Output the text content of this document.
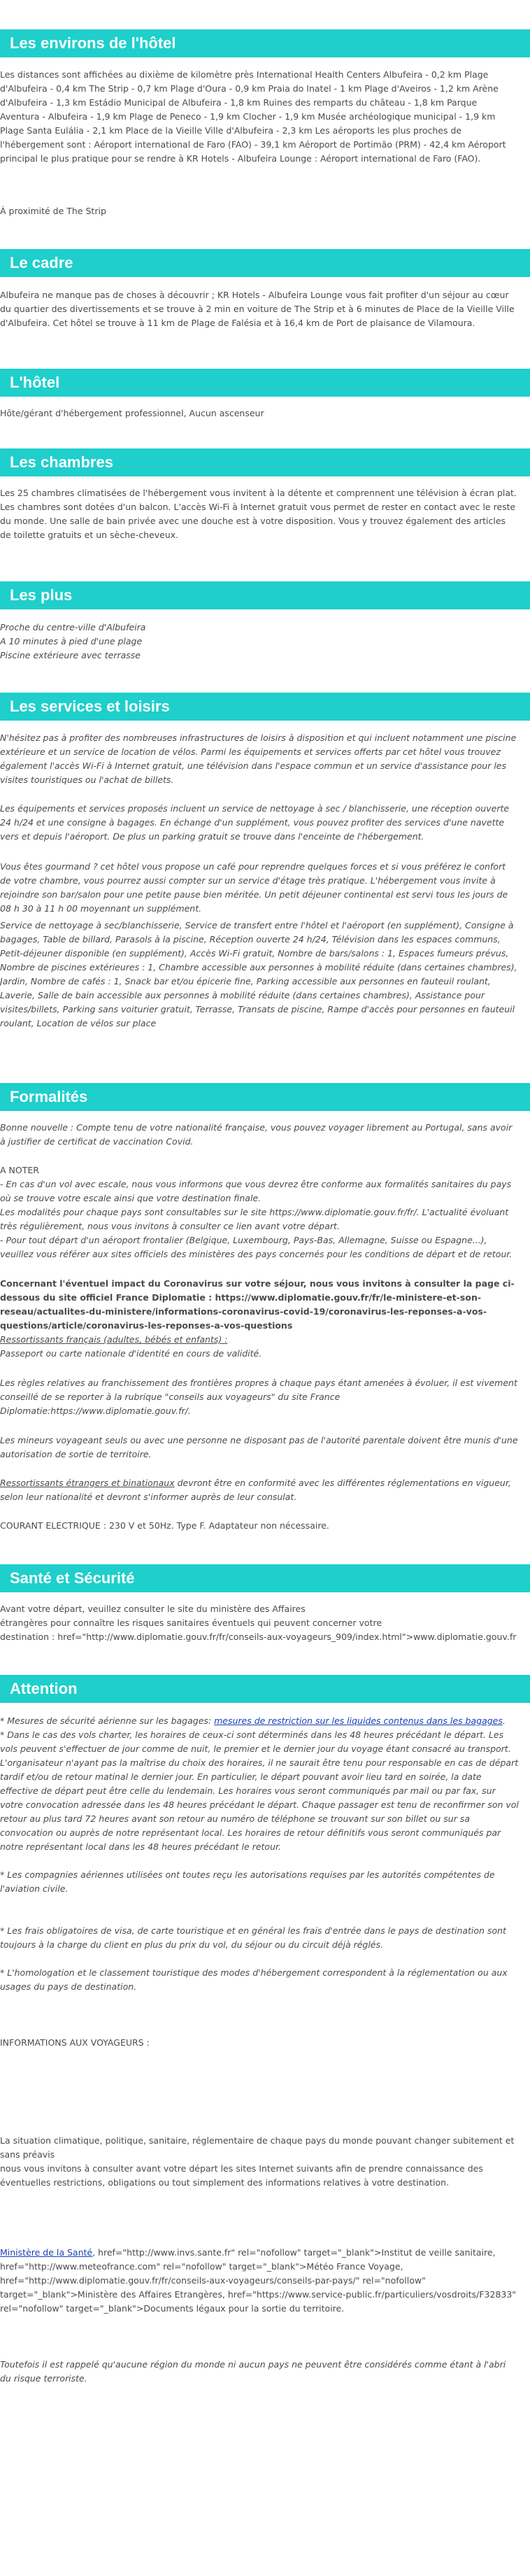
Les environs de l'hôtel

Les distances sont affichées au dixième de kilomètre près International Health Centers Albufeira - 0,2 km Plage d'Albufeira - 0,4 km The Strip - 0,7 km Plage d'Oura - 0,9 km Praia do Inatel - 1 km Plage d'Aveiros - 1,2 km Arène d'Albufeira - 1,3 km Estádio Municipal de Albufeira - 1,8 km Ruines des remparts du château - 1,8 km Parque Aventura - Albufeira - 1,9 km Plage de Peneco - 1,9 km Clocher - 1,9 km Musée archéologique municipal - 1,9 km Plage Santa Eulália - 2,1 km Place de la Vieille Ville d'Albufeira - 2,3 km Les aéroports les plus proches de l'hébergement sont : Aéroport international de Faro (FAO) - 39,1 km Aéroport de Portimão (PRM) - 42,4 km Aéroport principal le plus pratique pour se rendre à KR Hotels - Albufeira Lounge : Aéroport international de Faro (FAO).

À proximité de The Strip

Le cadre

Albufeira ne manque pas de choses à découvrir ; KR Hotels - Albufeira Lounge vous fait profiter d'un séjour au cœur du quartier des divertissements et se trouve à 2 min en voiture de The Strip et à 6 minutes de Place de la Vieille Ville d'Albufeira. Cet hôtel se trouve à 11 km de Plage de Falésia et à 16,4 km de Port de plaisance de Vilamoura.

L'hôtel

Hôte/gérant d'hébergement professionnel, Aucun ascenseur

Les chambres

Les 25 chambres climatisées de l'hébergement vous invitent à la détente et comprennent une télévision à écran plat. Les chambres sont dotées d'un balcon. L'accès Wi-Fi à Internet gratuit vous permet de rester en contact avec le reste du monde. Une salle de bain privée avec une douche est à votre disposition. Vous y trouvez également des articles de toilette gratuits et un sèche-cheveux.

Les plus

Proche du centre-ville d'Albufeira

A 10 minutes à pied d'une plage

Piscine extérieure avec terrasse

Les services et loisirs

N'hésitez pas à profiter des nombreuses infrastructures de loisirs à disposition et qui incluent notamment une piscine extérieure et un service de location de vélos. Parmi les équipements et services offerts par cet hôtel vous trouvez également l'accès Wi-Fi à Internet gratuit, une télévision dans l'espace commun et un service d'assistance pour les visites touristiques ou l'achat de billets.

Les équipements et services proposés incluent un service de nettoyage à sec / blanchisserie, une réception ouverte 24 h/24 et une consigne à bagages. En échange d'un supplément, vous pouvez profiter des services d'une navette vers et depuis l'aéroport. De plus un parking gratuit se trouve dans l'enceinte de l'hébergement.

Vous êtes gourmand ? cet hôtel vous propose un café pour reprendre quelques forces et si vous préférez le confort de votre chambre, vous pourrez aussi compter sur un service d'étage très pratique. L'hébergement vous invite à rejoindre son bar/salon pour une petite pause bien méritée. Un petit déjeuner continental est servi tous les jours de 08 h 30 à 11 h 00 moyennant un supplément.

Service de nettoyage à sec/blanchisserie, Service de transfert entre l'hôtel et l'aéroport (en supplément), Consigne à bagages, Table de billard, Parasols à la piscine, Réception ouverte 24 h/24, Télévision dans les espaces communs, Petit-déjeuner disponible (en supplément), Accès Wi-Fi gratuit, Nombre de bars/salons : 1, Espaces fumeurs prévus, Nombre de piscines extérieures : 1, Chambre accessible aux personnes à mobilité réduite (dans certaines chambres), Jardin, Nombre de cafés : 1, Snack bar et/ou épicerie fine, Parking accessible aux personnes en fauteuil roulant, Laverie, Salle de bain accessible aux personnes à mobilité réduite (dans certaines chambres), Assistance pour visites/billets, Parking sans voiturier gratuit, Terrasse, Transats de piscine, Rampe d'accès pour personnes en fauteuil roulant, Location de vélos sur place

Formalités

Bonne nouvelle : Compte tenu de votre nationalité française, vous pouvez voyager librement au Portugal, sans avoir à justifier de certificat de vaccination Covid.

A NOTER

- En cas d'un vol avec escale, nous vous informons que vous devrez être conforme aux formalités sanitaires du pays où se trouve votre escale ainsi que votre destination finale.

Les modalités pour chaque pays sont consultables sur le site https://www.diplomatie.gouv.fr/fr/. L'actualité évoluant très régulièrement, nous vous invitons à consulter ce lien avant votre départ.

- Pour tout départ d'un aéroport frontalier (Belgique, Luxembourg, Pays-Bas, Allemagne, Suisse ou Espagne...), veuillez vous référer aux sites officiels des ministères des pays concernés pour les conditions de départ et de retour.

Concernant l'éventuel impact du Coronavirus sur votre séjour, nous vous invitons à consulter la page ci-dessous du site officiel France Diplomatie : https://www.diplomatie.gouv.fr/fr/le-ministere-et-son-reseau/actualites-du-ministere/informations-coronavirus-covid-19/coronavirus-les-reponses-a-vos-questions/article/coronavirus-les-reponses-a-vos-questions

Ressortissants français (adultes, bébés et enfants) :

Passeport ou carte nationale d'identité en cours de validité.

Les règles relatives au franchissement des frontières propres à chaque pays étant amenées à évoluer, il est vivement conseillé de se reporter à la rubrique "conseils aux voyageurs" du site France Diplomatie:https://www.diplomatie.gouv.fr/.

Les mineurs voyageant seuls ou avec une personne ne disposant pas de l'autorité parentale doivent être munis d'une autorisation de sortie de territoire.

Ressortissants étrangers et binationaux devront être en conformité avec les différentes réglementations en vigueur, selon leur nationalité et devront s'informer auprès de leur consulat.

COURANT ELECTRIQUE : 230 V et 50Hz. Type F. Adaptateur non nécessaire.

Santé et Sécurité

Avant votre départ, veuillez consulter le site du ministère des Affaires

étrangères pour connaître les risques sanitaires éventuels qui peuvent concerner votre

destination : href="http://www.diplomatie.gouv.fr/fr/conseils-aux-voyageurs_909/index.html">www.diplomatie.gouv.fr

Attention

* Mesures de sécurité aérienne sur les bagages: mesures de restriction sur les liquides contenus dans les bagages.

* Dans le cas des vols charter, les horaires de ceux-ci sont déterminés dans les 48 heures précédant le départ. Les vols peuvent s'effectuer de jour comme de nuit, le premier et le dernier jour du voyage étant consacré au transport. L'organisateur n'ayant pas la maîtrise du choix des horaires, il ne saurait être tenu pour responsable en cas de départ tardif et/ou de retour matinal le dernier jour. En particulier, le départ pouvant avoir lieu tard en soirée, la date effective de départ peut être celle du lendemain. Les horaires vous seront communiqués par mail ou par fax, sur votre convocation adressée dans les 48 heures précédant le départ. Chaque passager est tenu de reconfirmer son vol retour au plus tard 72 heures avant son retour au numéro de téléphone se trouvant sur son billet ou sur sa convocation ou auprès de notre représentant local. Les horaires de retour définitifs vous seront communiqués par notre représentant local dans les 48 heures précédant le retour.

* Les compagnies aériennes utilisées ont toutes reçu les autorisations requises par les autorités compétentes de l'aviation civile.

* Les frais obligatoires de visa, de carte touristique et en général les frais d'entrée dans le pays de destination sont toujours à la charge du client en plus du prix du vol, du séjour ou du circuit déjà réglés.

* L'homologation et le classement touristique des modes d'hébergement correspondent à la réglementation ou aux usages du pays de destination.

INFORMATIONS AUX VOYAGEURS :

La situation climatique, politique, sanitaire, réglementaire de chaque pays du monde pouvant changer subitement et sans préavis

nous vous invitons à consulter avant votre départ les sites Internet suivants afin de prendre connaissance des éventuelles restrictions, obligations ou tout simplement des informations relatives à votre destination.

Ministère de la Santé, href="http://www.invs.sante.fr" rel="nofollow" target="_blank">Institut de veille sanitaire, href="http://www.meteofrance.com" rel="nofollow" target="_blank">Météo France Voyage, href="http://www.diplomatie.gouv.fr/fr/conseils-aux-voyageurs/conseils-par-pays/" rel="nofollow" target="_blank">Ministère des Affaires Etrangères, href="https://www.service-public.fr/particuliers/vosdroits/F32833" rel="nofollow" target="_blank">Documents légaux pour la sortie du territoire.

Toutefois il est rappelé qu'aucune région du monde ni aucun pays ne peuvent être considérés comme étant à l'abri du risque terroriste.
